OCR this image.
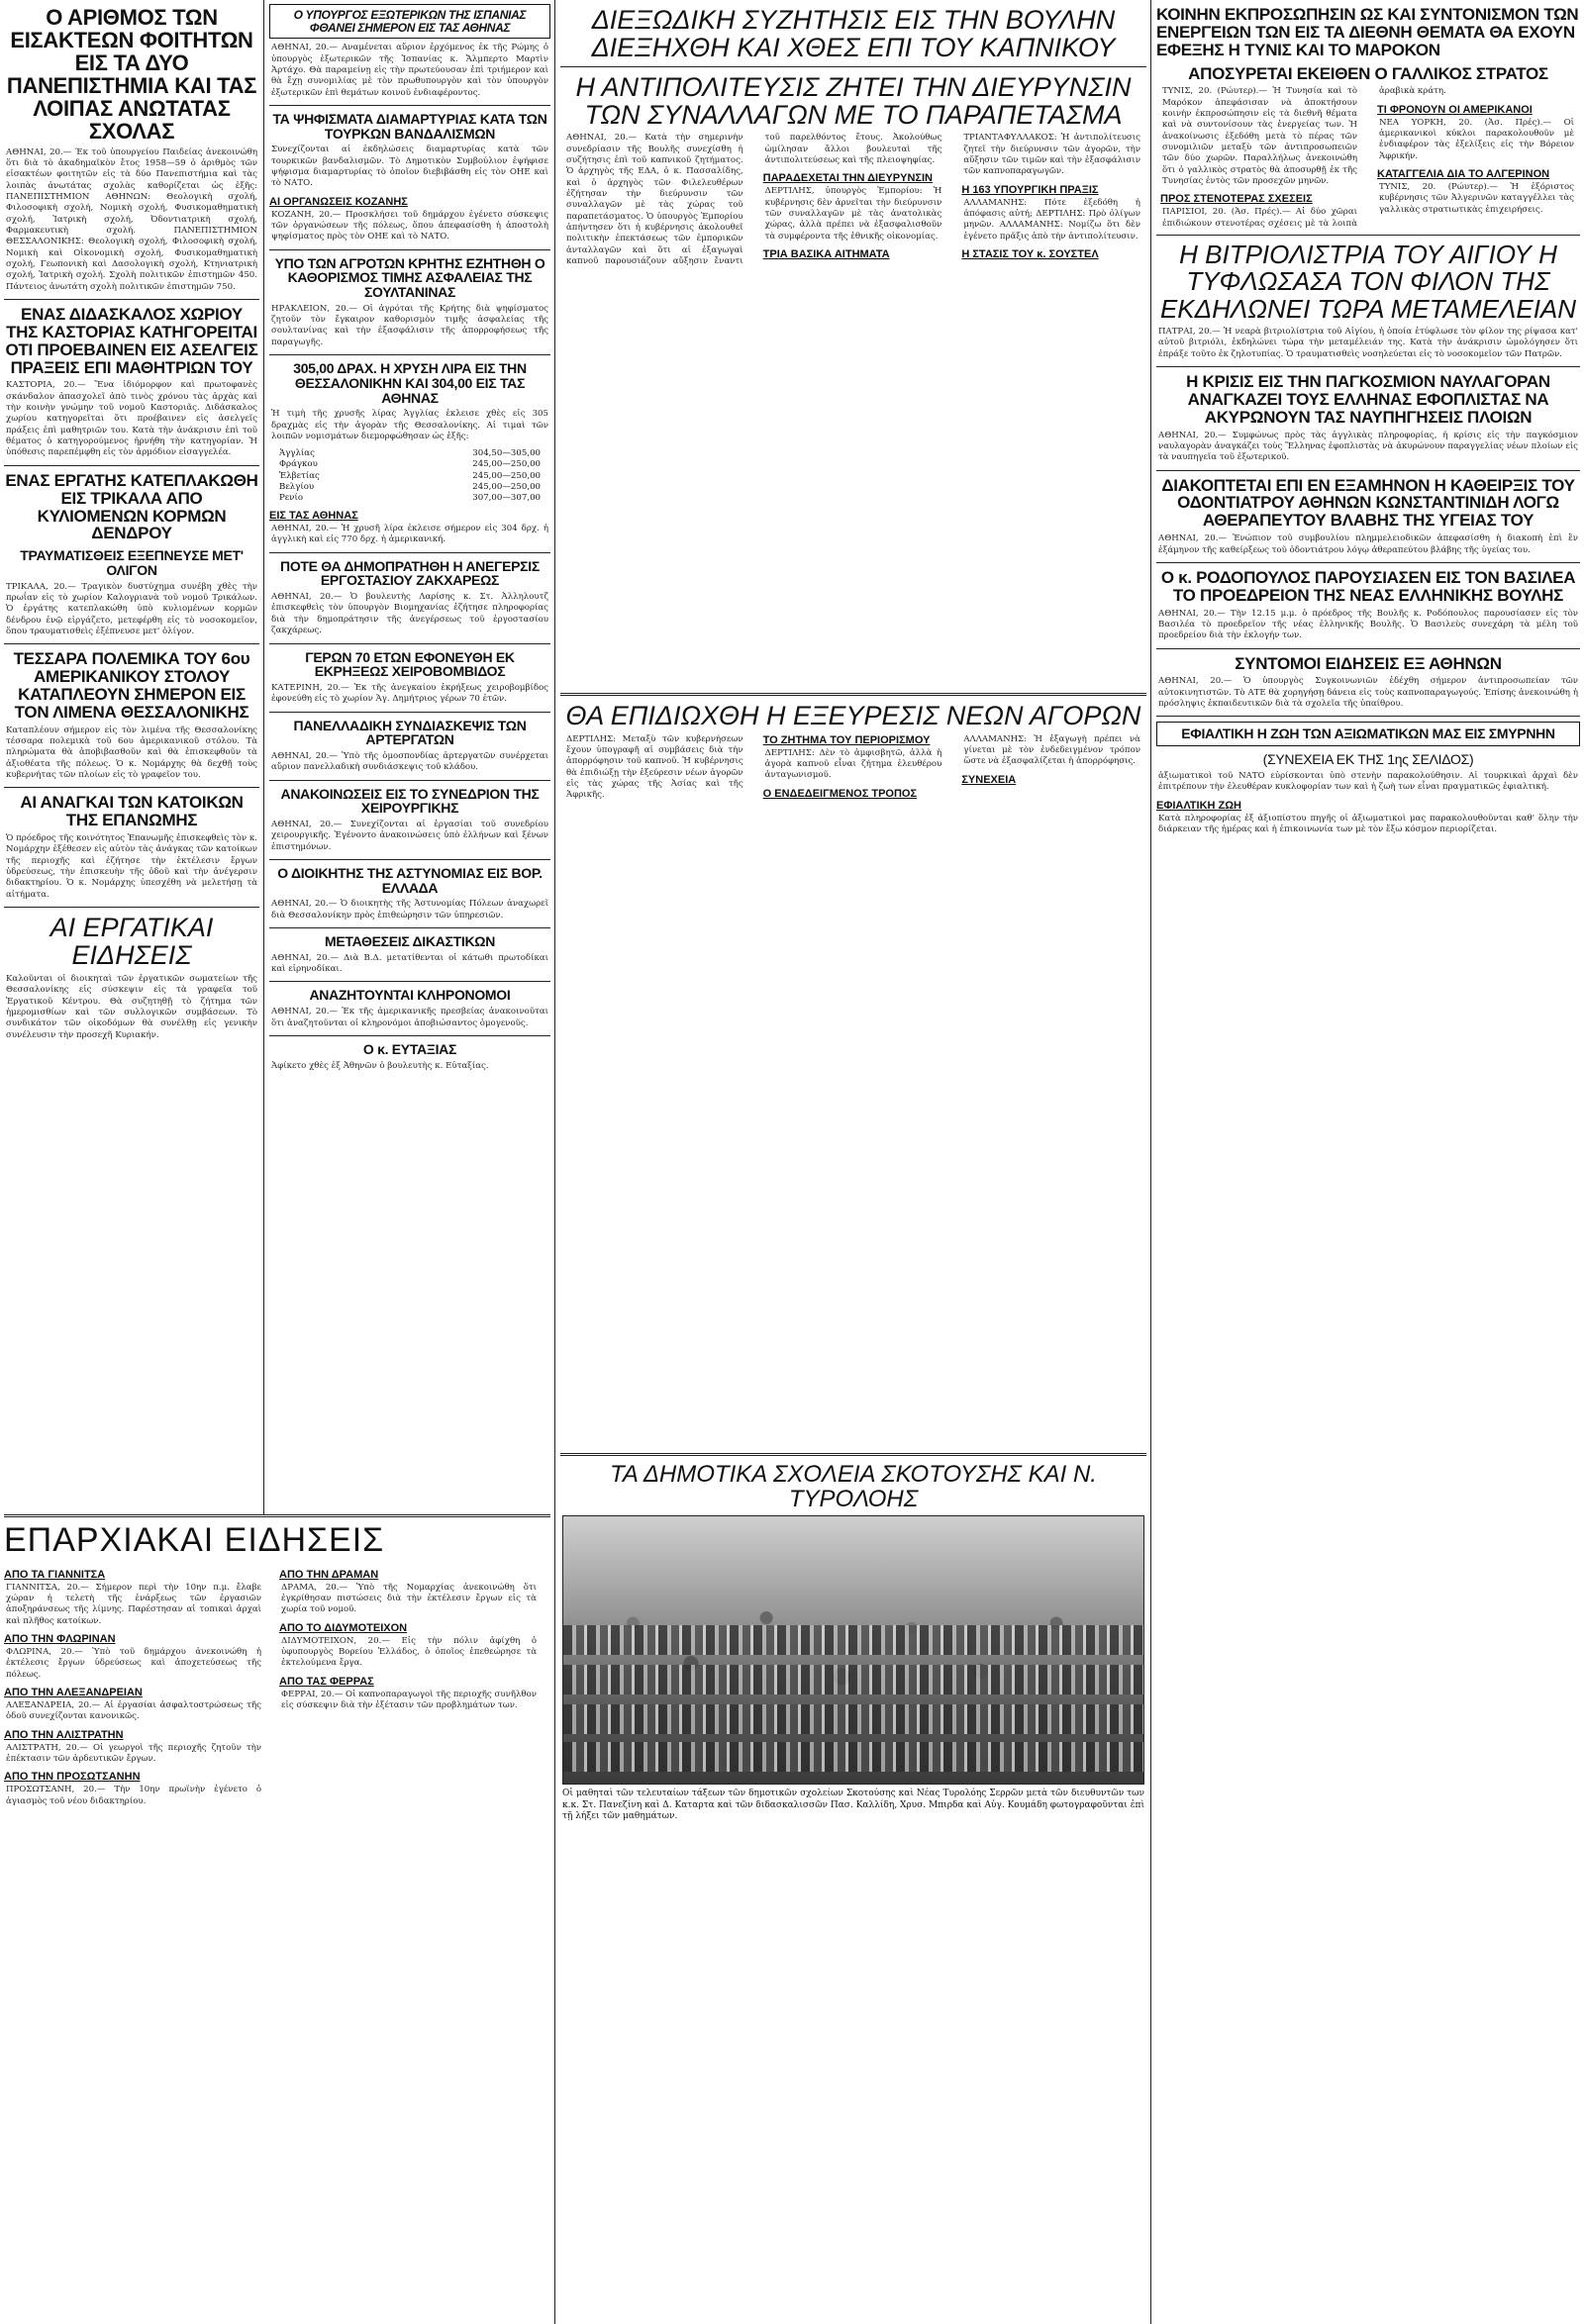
Ο ΑΡΙΘΜΟΣ ΤΩΝ ΕΙΣΑΚΤΕΩΝ ΦΟΙΤΗΤΩΝ ΕΙΣ ΤΑ ΔΥΟ ΠΑΝΕΠΙΣΤΗΜΙΑ ΚΑΙ ΤΑΣ ΛΟΙΠΑΣ ΑΝΩΤΑΤΑΣ ΣΧΟΛΑΣ
ΑΘΗΝΑΙ, 20.— Έκ τοῦ ὑπουργείου Παιδείας ἀνεκοινώθη ὅτι διὰ τὸ ἀκαδημαϊκὸν ἔτος 1958—59 ὁ ἀριθμὸς τῶν εἰσακτέων φοιτητῶν εἰς τὰ δύο Πανεπιστήμια καὶ τὰς λοιπὰς ἀνωτάτας σχολὰς καθορίζεται ὡς ἑξῆς: ΠΑΝΕΠΙΣΤΗΜΙΟΝ ΑΘΗΝΩΝ: Θεολογικὴ σχολή, Φιλοσοφικὴ σχολή, Νομικὴ σχολή, Φυσικομαθηματικὴ σχολή, Ἰατρικὴ σχολή, Ὀδοντιατρικὴ σχολή, Φαρμακευτικὴ σχολή. ΠΑΝΕΠΙΣΤΗΜΙΟΝ ΘΕΣΣΑΛΟΝΙΚΗΣ: Θεολογικὴ σχολή, Φιλοσοφικὴ σχολή, Νομικὴ καὶ Οἰκονομικὴ σχολή, Φυσικομαθηματικὴ σχολή, Γεωπονικὴ καὶ Δασολογικὴ σχολή, Κτηνιατρικὴ σχολή, Ἰατρικὴ σχολή. Σχολὴ πολιτικῶν ἐπιστημῶν 450. Πάντειος ἀνωτάτη σχολὴ πολιτικῶν ἐπιστημῶν 750.
ΕΝΑΣ ΔΙΔΑΣΚΑΛΟΣ ΧΩΡΙΟΥ ΤΗΣ ΚΑΣΤΟΡΙΑΣ ΚΑΤΗΓΟΡΕΙΤΑΙ ΟΤΙ ΠΡΟΕΒΑΙΝΕΝ ΕΙΣ ΑΣΕΛΓΕΙΣ ΠΡΑΞΕΙΣ ΕΠΙ ΜΑΘΗΤΡΙΩΝ ΤΟΥ
ΚΑΣΤΟΡΙΑ, 20.— Ἕνα ἰδιόμορφον καὶ πρωτοφανὲς σκάνδαλον ἀπασχολεῖ ἀπὸ τινὸς χρόνου τὰς ἀρχὰς καὶ τὴν κοινὴν γνώμην τοῦ νομοῦ Καστοριᾶς. Διδάσκαλος χωρίου κατηγορεῖται ὅτι προέβαινεν εἰς ἀσελγεῖς πράξεις ἐπὶ μαθητριῶν του. Κατὰ τὴν ἀνάκρισιν ἐπὶ τοῦ θέματος ὁ κατηγορούμενος ἠρνήθη τὴν κατηγορίαν. Ἡ ὑπόθεσις παρεπέμφθη εἰς τὸν ἁρμόδιον εἰσαγγελέα.
ΕΝΑΣ ΕΡΓΑΤΗΣ ΚΑΤΕΠΛΑΚΩΘΗ ΕΙΣ ΤΡΙΚΑΛΑ ΑΠΟ ΚΥΛΙΟΜΕΝΩΝ ΚΟΡΜΩΝ ΔΕΝΔΡΟΥ
ΤΡΑΥΜΑΤΙΣΘΕΙΣ ΕΞΕΠΝΕΥΣΕ ΜΕΤ' ΟΛΙΓΟΝ
ΤΡΙΚΑΛΑ, 20.— Τραγικὸν δυστύχημα συνέβη χθὲς τὴν πρωΐαν εἰς τὸ χωρίον Καλογριανὰ τοῦ νομοῦ Τρικάλων. Ὁ ἐργάτης κατεπλακώθη ὑπὸ κυλιομένων κορμῶν δένδρου ἐνῷ εἰργάζετο, μετεφέρθη εἰς τὸ νοσοκομεῖον, ὅπου τραυματισθεὶς ἐξέπνευσε μετ' ὀλίγον.
ΤΕΣΣΑΡΑ ΠΟΛΕΜΙΚΑ ΤΟΥ 6ου ΑΜΕΡΙΚΑΝΙΚΟΥ ΣΤΟΛΟΥ ΚΑΤΑΠΛΕΟΥΝ ΣΗΜΕΡΟΝ ΕΙΣ ΤΟΝ ΛΙΜΕΝΑ ΘΕΣΣΑΛΟΝΙΚΗΣ
Καταπλέουν σήμερον εἰς τὸν λιμένα τῆς Θεσσαλονίκης τέσσαρα πολεμικὰ τοῦ 6ου ἀμερικανικοῦ στόλου. Τὰ πληρώματα θὰ ἀποβιβασθοῦν καὶ θὰ ἐπισκεφθοῦν τὰ ἀξιοθέατα τῆς πόλεως. Ὁ κ. Νομάρχης θὰ δεχθῇ τοὺς κυβερνήτας τῶν πλοίων εἰς τὸ γραφεῖον του.
ΑΙ ΑΝΑΓΚΑΙ ΤΩΝ ΚΑΤΟΙΚΩΝ ΤΗΣ ΕΠΑΝΩΜΗΣ
Ὁ πρόεδρος τῆς κοινότητος Ἐπανωμῆς ἐπισκεφθεὶς τὸν κ. Νομάρχην ἐξέθεσεν εἰς αὐτὸν τὰς ἀνάγκας τῶν κατοίκων τῆς περιοχῆς καὶ ἐζήτησε τὴν ἐκτέλεσιν ἔργων ὑδρεύσεως, τὴν ἐπισκευὴν τῆς ὁδοῦ καὶ τὴν ἀνέγερσιν διδακτηρίου. Ὁ κ. Νομάρχης ὑπεσχέθη νὰ μελετήσῃ τὰ αἰτήματα.
ΑΙ ΕΡΓΑΤΙΚΑΙ ΕΙΔΗΣΕΙΣ
Καλοῦνται οἱ διοικηταὶ τῶν ἐργατικῶν σωματείων τῆς Θεσσαλονίκης εἰς σύσκεψιν εἰς τὰ γραφεῖα τοῦ Ἐργατικοῦ Κέντρου. Θὰ συζητηθῇ τὸ ζήτημα τῶν ἡμερομισθίων καὶ τῶν συλλογικῶν συμβάσεων. Τὸ συνδικάτον τῶν οἰκοδόμων θὰ συνέλθῃ εἰς γενικὴν συνέλευσιν τὴν προσεχῆ Κυριακήν.
Ο ΥΠΟΥΡΓΟΣ ΕΞΩΤΕΡΙΚΩΝ ΤΗΣ ΙΣΠΑΝΙΑΣ ΦΘΑΝΕΙ ΣΗΜΕΡΟΝ ΕΙΣ ΤΑΣ ΑΘΗΝΑΣ
ΑΘΗΝΑΙ, 20.— Αναμένεται αὔριον ἐρχόμενος ἐκ τῆς Ρώμης ὁ ὑπουργὸς ἐξωτερικῶν τῆς Ἱσπανίας κ. Ἄλμπερτο Μαρτὶν Ἀρτάχο. Θὰ παραμείνῃ εἰς τὴν πρωτεύουσαν ἐπὶ τριήμερον καὶ θὰ ἔχῃ συνομιλίας μὲ τὸν πρωθυπουργὸν καὶ τὸν ὑπουργὸν ἐξωτερικῶν ἐπὶ θεμάτων κοινοῦ ἐνδιαφέροντος.
ΤΑ ΨΗΦΙΣΜΑΤΑ ΔΙΑΜΑΡΤΥΡΙΑΣ ΚΑΤΑ ΤΩΝ ΤΟΥΡΚΩΝ ΒΑΝΔΑΛΙΣΜΩΝ
Συνεχίζονται αἱ ἐκδηλώσεις διαμαρτυρίας κατὰ τῶν τουρκικῶν βανδαλισμῶν. Τὸ Δημοτικὸν Συμβούλιον ἐψήφισε ψήφισμα διαμαρτυρίας τὸ ὁποῖον διεβιβάσθη εἰς τὸν ΟΗΕ καὶ τὸ ΝΑΤΟ.
ΑΙ ΟΡΓΑΝΩΣΕΙΣ ΚΟΖΑΝΗΣ
ΚΟΖΑΝΗ, 20.— Προσκλήσει τοῦ δημάρχου ἐγένετο σύσκεψις τῶν ὀργανώσεων τῆς πόλεως, ὅπου ἀπεφασίσθη ἡ ἀποστολὴ ψηφίσματος πρὸς τὸν ΟΗΕ καὶ τὸ ΝΑΤΟ.
ΥΠΟ ΤΩΝ ΑΓΡΟΤΩΝ ΚΡΗΤΗΣ ΕΖΗΤΗΘΗ Ο ΚΑΘΟΡΙΣΜΟΣ ΤΙΜΗΣ ΑΣΦΑΛΕΙΑΣ ΤΗΣ ΣΟΥΛΤΑΝΙΝΑΣ
ΗΡΑΚΛΕΙΟΝ, 20.— Οἱ ἀγρόται τῆς Κρήτης διὰ ψηφίσματος ζητοῦν τὸν ἔγκαιρον καθορισμὸν τιμῆς ἀσφαλείας τῆς σουλτανίνας καὶ τὴν ἐξασφάλισιν τῆς ἀπορροφήσεως τῆς παραγωγῆς.
305,00 ΔΡΑΧ. Η ΧΡΥΣΗ ΛΙΡΑ ΕΙΣ ΤΗΝ ΘΕΣΣΑΛΟΝΙΚΗΝ ΚΑΙ 304,00 ΕΙΣ ΤΑΣ ΑΘΗΝΑΣ
Ἡ τιμὴ τῆς χρυσῆς λίρας Ἀγγλίας ἐκλεισε χθὲς εἰς 305 δραχμὰς εἰς τὴν ἀγορὰν τῆς Θεσσαλονίκης. Αἱ τιμαὶ τῶν λοιπῶν νομισμάτων διεμορφώθησαν ὡς ἑξῆς:
Ἀγγλίας	304,50—305,00
Φράγκου	245,00—250,00
Ἑλβετίας	245,00—250,00
Βελγίου	245,00—250,00
Ρενίο	307,00—307,00
ΕΙΣ ΤΑΣ ΑΘΗΝΑΣ
ΑΘΗΝΑΙ, 20.— Ἡ χρυσῆ λίρα ἐκλεισε σήμερον εἰς 304 δρχ. ἡ ἀγγλικὴ καὶ εἰς 770 δρχ. ἡ ἀμερικανική.
ΠΟΤΕ ΘΑ ΔΗΜΟΠΡΑΤΗΘΗ Η ΑΝΕΓΕΡΣΙΣ ΕΡΓΟΣΤΑΣΙΟΥ ΖΑΚΧΑΡΕΩΣ
ΑΘΗΝΑΙ, 20.— Ὁ βουλευτὴς Λαρίσης κ. Στ. Ἀλληλουτζ ἐπισκεφθεὶς τὸν ὑπουργὸν Βιομηχανίας ἐζήτησε πληροφορίας διὰ τὴν δημοπράτησιν τῆς ἀνεγέρσεως τοῦ ἐργοστασίου ζακχάρεως.
ΓΕΡΩΝ 70 ΕΤΩΝ ΕΦΟΝΕΥΘΗ ΕΚ ΕΚΡΗΞΕΩΣ ΧΕΙΡΟΒΟΜΒΙΔΟΣ
ΚΑΤΕΡΙΝΗ, 20.— Ἐκ τῆς ἀνεγκαίου ἐκρήξεως χειροβομβίδος ἐφονεύθη εἰς τὸ χωρίον Ἁγ. Δημήτριος γέρων 70 ἐτῶν.
ΠΑΝΕΛΛΑΔΙΚΗ ΣΥΝΔΙΑΣΚΕΨΙΣ ΤΩΝ ΑΡΤΕΡΓΑΤΩΝ
ΑΘΗΝΑΙ, 20.— Ὑπὸ τῆς ὁμοσπονδίας ἀρτεργατῶν συνέρχεται αὔριον πανελλαδικὴ συνδιάσκεψις τοῦ κλάδου.
ΑΝΑΚΟΙΝΩΣΕΙΣ ΕΙΣ ΤΟ ΣΥΝΕΔΡΙΟΝ ΤΗΣ ΧΕΙΡΟΥΡΓΙΚΗΣ
ΑΘΗΝΑΙ, 20.— Συνεχίζονται αἱ ἐργασίαι τοῦ συνεδρίου χειρουργικῆς. Ἐγένοντο ἀνακοινώσεις ὑπὸ ἐλλήνων καὶ ξένων ἐπιστημόνων.
Ο ΔΙΟΙΚΗΤΗΣ ΤΗΣ ΑΣΤΥΝΟΜΙΑΣ ΕΙΣ ΒΟΡ. ΕΛΛΑΔΑ
ΑΘΗΝΑΙ, 20.— Ὁ διοικητὴς τῆς Ἀστυνομίας Πόλεων ἀναχωρεῖ διὰ Θεσσαλονίκην πρὸς ἐπιθεώρησιν τῶν ὑπηρεσιῶν.
ΜΕΤΑΘΕΣΕΙΣ ΔΙΚΑΣΤΙΚΩΝ
ΑΘΗΝΑΙ, 20.— Διὰ Β.Δ. μετατίθενται οἱ κάτωθι πρωτοδίκαι καὶ εἰρηνοδίκαι.
ΑΝΑΖΗΤΟΥΝΤΑΙ ΚΛΗΡΟΝΟΜΟΙ
ΑΘΗΝΑΙ, 20.— Ἐκ τῆς ἀμερικανικῆς πρεσβείας ἀνακοινοῦται ὅτι ἀναζητοῦνται οἱ κληρονόμοι ἀποβιώσαντος ὁμογενοῦς.
Ο κ. ΕΥΤΑΞΙΑΣ
Ἀφίκετο χθὲς ἐξ Ἀθηνῶν ὁ βουλευτὴς κ. Εὐταξίας.
ΔΙΕΞΩΔΙΚΗ ΣΥΖΗΤΗΣΙΣ ΕΙΣ ΤΗΝ ΒΟΥΛΗΝ ΔΙΕΞΗΧΘΗ ΚΑΙ ΧΘΕΣ ΕΠΙ ΤΟΥ ΚΑΠΝΙΚΟΥ
Η ΑΝΤΙΠΟΛΙΤΕΥΣΙΣ ΖΗΤΕΙ ΤΗΝ ΔΙΕΥΡΥΝΣΙΝ ΤΩΝ ΣΥΝΑΛΛΑΓΩΝ ΜΕ ΤΟ ΠΑΡΑΠΕΤΑΣΜΑ
ΑΘΗΝΑΙ, 20.— Κατὰ τὴν σημερινὴν συνεδρίασιν τῆς Βουλῆς συνεχίσθη ἡ συζήτησις ἐπὶ τοῦ καπνικοῦ ζητήματος. Ὁ ἀρχηγὸς τῆς ΕΔΑ, ὁ κ. Πασσαλίδης, καὶ ὁ ἀρχηγὸς τῶν Φιλελευθέρων ἐζήτησαν τὴν διεύρυνσιν τῶν συναλλαγῶν μὲ τὰς χώρας τοῦ παραπετάσματος. Ὁ ὑπουργὸς Ἐμπορίου ἀπήντησεν ὅτι ἡ κυβέρνησις ἀκολουθεῖ πολιτικὴν ἐπεκτάσεως τῶν ἐμπορικῶν ἀνταλλαγῶν καὶ ὅτι αἱ ἐξαγωγαὶ καπνοῦ παρουσιάζουν αὔξησιν ἔναντι τοῦ παρελθόντος ἔτους. Ἀκολούθως ὡμίλησαν ἄλλοι βουλευταὶ τῆς ἀντιπολιτεύσεως καὶ τῆς πλειοψηφίας.
ΠΑΡΑΔΕΧΕΤΑΙ ΤΗΝ ΔΙΕΥΡΥΝΣΙΝ
ΔΕΡΤΙΛΗΣ, ὑπουργὸς Ἐμπορίου: Ἡ κυβέρνησις δὲν ἀρνεῖται τὴν διεύρυνσιν τῶν συναλλαγῶν μὲ τὰς ἀνατολικὰς χώρας, ἀλλὰ πρέπει νὰ ἐξασφαλισθοῦν τὰ συμφέροντα τῆς ἐθνικῆς οἰκονομίας.
ΤΡΙΑ ΒΑΣΙΚΑ ΑΙΤΗΜΑΤΑ
ΤΡΙΑΝΤΑΦΥΛΛΑΚΟΣ: Ἡ ἀντιπολίτευσις ζητεῖ τὴν διεύρυνσιν τῶν ἀγορῶν, τὴν αὔξησιν τῶν τιμῶν καὶ τὴν ἐξασφάλισιν τῶν καπνοπαραγωγῶν.
Η 163 ΥΠΟΥΡΓΙΚΗ ΠΡΑΞΙΣ
ΑΛΛΑΜΑΝΗΣ: Πότε ἐξεδόθη ἡ ἀπόφασις αὐτή; ΔΕΡΤΙΛΗΣ: Πρὸ ὀλίγων μηνῶν. ΑΛΛΑΜΑΝΗΣ: Νομίζω ὅτι δὲν ἐγένετο πρᾶξις ἀπὸ τὴν ἀντιπολίτευσιν.
Η ΣΤΑΣΙΣ ΤΟΥ κ. ΣΟΥΣΤΕΛ
ΘΑ ΕΠΙΔΙΩΧΘΗ Η ΕΞΕΥΡΕΣΙΣ ΝΕΩΝ ΑΓΟΡΩΝ
ΔΕΡΤΙΛΗΣ: Μεταξὺ τῶν κυβερνήσεων ἔχουν ὑπογραφῆ αἱ συμβάσεις διὰ τὴν ἀπορρόφησιν τοῦ καπνοῦ. Ἡ κυβέρνησις θὰ ἐπιδιώξῃ τὴν ἐξεύρεσιν νέων ἀγορῶν εἰς τὰς χώρας τῆς Ἀσίας καὶ τῆς Ἀφρικῆς.
ΤΟ ΖΗΤΗΜΑ ΤΟΥ ΠΕΡΙΟΡΙΣΜΟΥ
ΔΕΡΤΙΛΗΣ: Δὲν τὸ ἀμφισβητῶ, ἀλλὰ ἡ ἀγορὰ καπνοῦ εἶναι ζήτημα ἐλευθέρου ἀνταγωνισμοῦ.
Ο ΕΝΔΕΔΕΙΓΜΕΝΟΣ ΤΡΟΠΟΣ
ΑΛΛΑΜΑΝΗΣ: Ἡ ἐξαγωγὴ πρέπει νὰ γίνεται μὲ τὸν ἐνδεδειγμένον τρόπον ὥστε νὰ ἐξασφαλίζεται ἡ ἀπορρόφησις.
ΣΥΝΕΧΕΙΑ
ΤΑ ΔΗΜΟΤΙΚΑ ΣΧΟΛΕΙΑ ΣΚΟΤΟΥΣΗΣ ΚΑΙ Ν. ΤΥΡΟΛΟΗΣ
Οἱ μαθηταὶ τῶν τελευταίων τάξεων τῶν δημοτικῶν σχολείων Σκοτούσης καὶ Νέας Τυρολόης Σερρῶν μετὰ τῶν διευθυντῶν των κ.κ. Στ. Πανεζίνη καὶ Δ. Καταρτα καὶ τῶν διδασκαλισσῶν Πασ. Καλλίδη, Χρυσ. Μπιρδα καὶ Αὐγ. Κουμάδη φωτογραφοῦνται ἐπὶ τῇ λήξει τῶν μαθημάτων.
ΚΟΙΝΗΝ ΕΚΠΡΟΣΩΠΗΣΙΝ ΩΣ ΚΑΙ ΣΥΝΤΟΝΙΣΜΟΝ ΤΩΝ ΕΝΕΡΓΕΙΩΝ ΤΩΝ ΕΙΣ ΤΑ ΔΙΕΘΝΗ ΘΕΜΑΤΑ ΘΑ ΕΧΟΥΝ ΕΦΕΞΗΣ Η ΤΥΝΙΣ ΚΑΙ ΤΟ ΜΑΡΟΚΟΝ
ΑΠΟΣΥΡΕΤΑΙ ΕΚΕΙΘΕΝ Ο ΓΑΛΛΙΚΟΣ ΣΤΡΑΤΟΣ
ΤΥΝΙΣ, 20. (Ρώυτερ).— Ἡ Τυνησία καὶ τὸ Μαρόκον ἀπεφάσισαν νὰ ἀποκτήσουν κοινὴν ἐκπροσώπησιν εἰς τὰ διεθνῆ θέματα καὶ νὰ συντονίσουν τὰς ἐνεργείας των. Ἡ ἀνακοίνωσις ἐξεδόθη μετὰ τὸ πέρας τῶν συνομιλιῶν μεταξὺ τῶν ἀντιπροσωπειῶν τῶν δύο χωρῶν. Παραλλήλως ἀνεκοινώθη ὅτι ὁ γαλλικὸς στρατὸς θὰ ἀποσυρθῇ ἐκ τῆς Τυνησίας ἐντὸς τῶν προσεχῶν μηνῶν.
ΠΡΟΣ ΣΤΕΝΟΤΕΡΑΣ ΣΧΕΣΕΙΣ
ΠΑΡΙΣΙΟΙ, 20. (Ἀσ. Πρές).— Αἱ δύο χῶραι ἐπιδιώκουν στενοτέρας σχέσεις μὲ τὰ λοιπὰ ἀραβικὰ κράτη.
ΤΙ ΦΡΟΝΟΥΝ ΟΙ ΑΜΕΡΙΚΑΝΟΙ
ΝΕΑ ΥΟΡΚΗ, 20. (Ἀσ. Πρές).— Οἱ ἀμερικανικοὶ κύκλοι παρακολουθοῦν μὲ ἐνδιαφέρον τὰς ἐξελίξεις εἰς τὴν Βόρειον Ἀφρικήν.
ΚΑΤΑΓΓΕΛΙΑ ΔΙΑ ΤΟ ΑΛΓΕΡΙΝΟΝ
ΤΥΝΙΣ, 20. (Ρώυτερ).— Ἡ ἐξόριστος κυβέρνησις τῶν Ἀλγερινῶν καταγγέλλει τὰς γαλλικὰς στρατιωτικὰς ἐπιχειρήσεις.
Η ΒΙΤΡΙΟΛΙΣΤΡΙΑ ΤΟΥ ΑΙΓΙΟΥ Η ΤΥΦΛΩΣΑΣΑ ΤΟΝ ΦΙΛΟΝ ΤΗΣ ΕΚΔΗΛΩΝΕΙ ΤΩΡΑ ΜΕΤΑΜΕΛΕΙΑΝ
ΠΑΤΡΑΙ, 20.— Ἡ νεαρὰ βιτριολίστρια τοῦ Αἰγίου, ἡ ὁποία ἐτύφλωσε τὸν φίλον της ρίψασα κατ' αὐτοῦ βιτριόλι, ἐκδηλώνει τώρα τὴν μεταμέλειάν της. Κατὰ τὴν ἀνάκρισιν ὡμολόγησεν ὅτι ἐπράξε τοῦτο ἐκ ζηλοτυπίας. Ὁ τραυματισθεὶς νοσηλεύεται εἰς τὸ νοσοκομεῖον τῶν Πατρῶν.
Η ΚΡΙΣΙΣ ΕΙΣ ΤΗΝ ΠΑΓΚΟΣΜΙΟΝ ΝΑΥΛΑΓΟΡΑΝ ΑΝΑΓΚΑΖΕΙ ΤΟΥΣ ΕΛΛΗΝΑΣ ΕΦΟΠΛΙΣΤΑΣ ΝΑ ΑΚΥΡΩΝΟΥΝ ΤΑΣ ΝΑΥΠΗΓΗΣΕΙΣ ΠΛΟΙΩΝ
ΑΘΗΝΑΙ, 20.— Συμφώνως πρὸς τὰς ἀγγλικὰς πληροφορίας, ἡ κρίσις εἰς τὴν παγκόσμιον ναυλαγορὰν ἀναγκάζει τοὺς Ἕλληνας ἐφοπλιστὰς νὰ ἀκυρώνουν παραγγελίας νέων πλοίων εἰς τὰ ναυπηγεῖα τοῦ ἐξωτερικοῦ.
ΔΙΑΚΟΠΤΕΤΑΙ ΕΠΙ ΕΝ ΕΞΑΜΗΝΟΝ Η ΚΑΘΕΙΡΞΙΣ ΤΟΥ ΟΔΟΝΤΙΑΤΡΟΥ ΑΘΗΝΩΝ ΚΩΝΣΤΑΝΤΙΝΙΔΗ ΛΟΓΩ ΑΘΕΡΑΠΕΥΤΟΥ ΒΛΑΒΗΣ ΤΗΣ ΥΓΕΙΑΣ ΤΟΥ
ΑΘΗΝΑΙ, 20.— Ἐνώπιον τοῦ συμβουλίου πλημμελειοδικῶν ἀπεφασίσθη ἡ διακοπὴ ἐπὶ ἓν ἑξάμηνον τῆς καθείρξεως τοῦ ὀδοντιάτρου λόγῳ ἀθεραπεύτου βλάβης τῆς ὑγείας του.
Ο κ. ΡΟΔΟΠΟΥΛΟΣ ΠΑΡΟΥΣΙΑΣΕΝ ΕΙΣ ΤΟΝ ΒΑΣΙΛΕΑ ΤΟ ΠΡΟΕΔΡΕΙΟΝ ΤΗΣ ΝΕΑΣ ΕΛΛΗΝΙΚΗΣ ΒΟΥΛΗΣ
ΑΘΗΝΑΙ, 20.— Τὴν 12.15 μ.μ. ὁ πρόεδρος τῆς Βουλῆς κ. Ροδόπουλος παρουσίασεν εἰς τὸν Βασιλέα τὸ προεδρεῖον τῆς νέας ἑλληνικῆς Βουλῆς. Ὁ Βασιλεὺς συνεχάρη τὰ μέλη τοῦ προεδρείου διὰ τὴν ἐκλογήν των.
ΣΥΝΤΟΜΟΙ ΕΙΔΗΣΕΙΣ ΕΞ ΑΘΗΝΩΝ
ΑΘΗΝΑΙ, 20.— Ὁ ὑπουργὸς Συγκοινωνιῶν ἐδέχθη σήμερον ἀντιπροσωπείαν τῶν αὐτοκινητιστῶν. Τὸ ΑΤΕ θὰ χορηγήσῃ δάνεια εἰς τοὺς καπνοπαραγωγούς. Ἐπίσης ἀνεκοινώθη ἡ πρόσληψις ἐκπαιδευτικῶν διὰ τὰ σχολεῖα τῆς ὑπαίθρου.
ΕΦΙΑΛΤΙΚΗ Η ΖΩΗ ΤΩΝ ΑΞΙΩΜΑΤΙΚΩΝ ΜΑΣ ΕΙΣ ΣΜΥΡΝΗΝ
(ΣΥΝΕΧΕΙΑ ΕΚ ΤΗΣ 1ης ΣΕΛΙΔΟΣ)
ἀξιωματικοὶ τοῦ ΝΑΤΟ εὑρίσκονται ὑπὸ στενὴν παρακολούθησιν. Αἱ τουρκικαὶ ἀρχαὶ δὲν ἐπιτρέπουν τὴν ἐλευθέραν κυκλοφορίαν των καὶ ἡ ζωὴ των εἶναι πραγματικῶς ἐφιαλτική.
ΕΦΙΑΛΤΙΚΗ ΖΩΗ
Κατὰ πληροφορίας ἐξ ἀξιοπίστου πηγῆς οἱ ἀξιωματικοὶ μας παρακολουθοῦνται καθ' ὅλην τὴν διάρκειαν τῆς ἡμέρας καὶ ἡ ἐπικοινωνία των μὲ τὸν ἔξω κόσμον περιορίζεται.
ΕΠΑΡΧΙΑΚΑΙ ΕΙΔΗΣΕΙΣ
ΑΠΟ ΤΑ ΓΙΑΝΝΙΤΣΑ
ΓΙΑΝΝΙΤΣΑ, 20.— Σήμερον περὶ τὴν 10ην π.μ. ἔλαβε χώραν ἡ τελετὴ τῆς ἐνάρξεως τῶν ἐργασιῶν ἀποξηράνσεως τῆς λίμνης. Παρέστησαν αἱ τοπικαὶ ἀρχαὶ καὶ πλῆθος κατοίκων.
ΑΠΟ ΤΗΝ ΦΛΩΡΙΝΑΝ
ΦΛΩΡΙΝΑ, 20.— Ὑπὸ τοῦ δημάρχου ἀνεκοινώθη ἡ ἐκτέλεσις ἔργων ὑδρεύσεως καὶ ἀποχετεύσεως τῆς πόλεως.
ΑΠΟ ΤΗΝ ΑΛΕΞΑΝΔΡΕΙΑΝ
ΑΛΕΞΑΝΔΡΕΙΑ, 20.— Αἱ ἐργασίαι ἀσφαλτοστρώσεως τῆς ὁδοῦ συνεχίζονται κανονικῶς.
ΑΠΟ ΤΗΝ ΑΛΙΣΤΡΑΤΗΝ
ΑΛΙΣΤΡΑΤΗ, 20.— Οἱ γεωργοὶ τῆς περιοχῆς ζητοῦν τὴν ἐπέκτασιν τῶν ἀρδευτικῶν ἔργων.
ΑΠΟ ΤΗΝ ΠΡΟΣΩΤΣΑΝΗΝ
ΠΡΟΣΩΤΣΑΝΗ, 20.— Τὴν 10ην πρωϊνὴν ἐγένετο ὁ ἁγιασμὸς τοῦ νέου διδακτηρίου.
ΑΠΟ ΤΗΝ ΔΡΑΜΑΝ
ΔΡΑΜΑ, 20.— Ὑπὸ τῆς Νομαρχίας ἀνεκοινώθη ὅτι ἐγκρίθησαν πιστώσεις διὰ τὴν ἐκτέλεσιν ἔργων εἰς τὰ χωρία τοῦ νομοῦ.
ΑΠΟ ΤΟ ΔΙΔΥΜΟΤΕΙΧΟΝ
ΔΙΔΥΜΟΤΕΙΧΟΝ, 20.— Εἰς τὴν πόλιν ἀφίχθη ὁ ὑφυπουργὸς Βορείου Ἑλλάδος, ὁ ὁποῖος ἐπεθεώρησε τὰ ἐκτελούμενα ἔργα.
ΑΠΟ ΤΑΣ ΦΕΡΡΑΣ
ΦΕΡΡΑΙ, 20.— Οἱ καπνοπαραγωγοὶ τῆς περιοχῆς συνῆλθον εἰς σύσκεψιν διὰ τὴν ἐξέτασιν τῶν προβλημάτων των.
